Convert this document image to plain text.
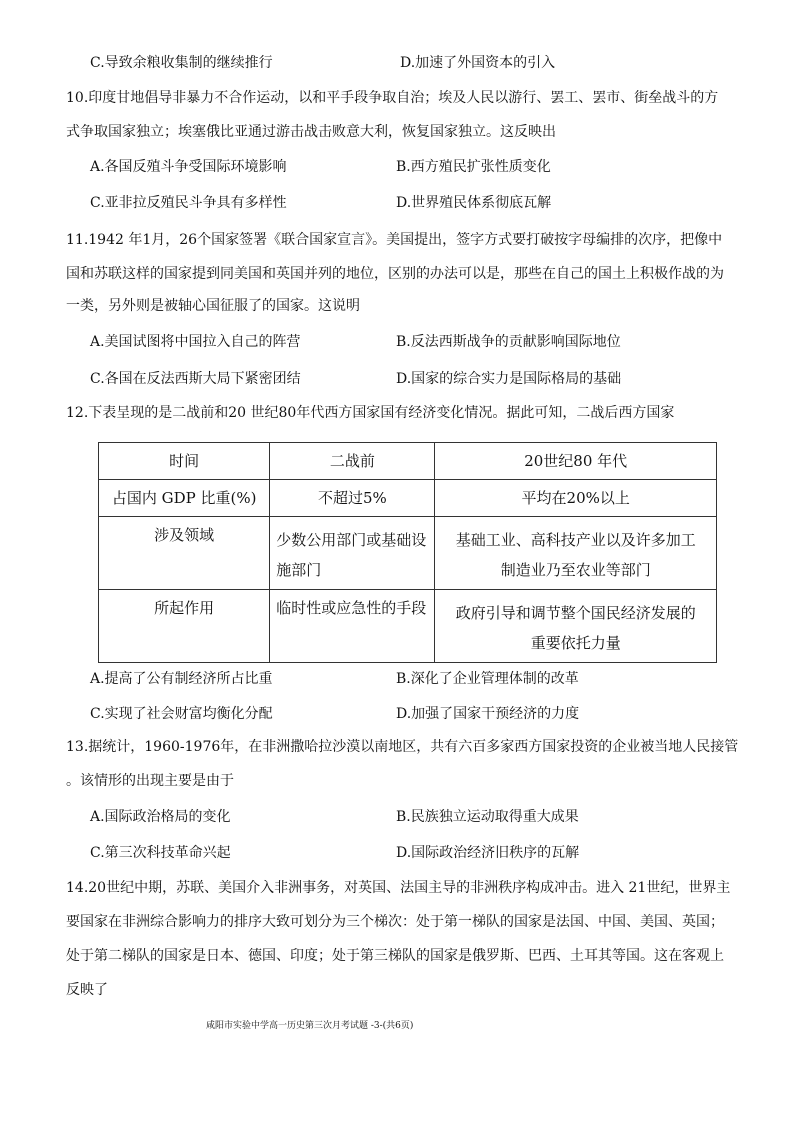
C.导致余粮收集制的继续推行	D.加速了外国资本的引入
10.印度甘地倡导非暴力不合作运动，以和平手段争取自治；埃及人民以游行、罢工、罢市、街垒战斗的方
式争取国家独立；埃塞俄比亚通过游击战击败意大利，恢复国家独立。这反映出
A.各国反殖斗争受国际环境影响	B.西方殖民扩张性质变化
C.亚非拉反殖民斗争具有多样性	D.世界殖民体系彻底瓦解
11.1942 年1月，26个国家签署《联合国家宣言》。美国提出，签字方式要打破按字母编排的次序，把像中
国和苏联这样的国家提到同美国和英国并列的地位，区别的办法可以是，那些在自己的国土上积极作战的为
一类，另外则是被轴心国征服了的国家。这说明
A.美国试图将中国拉入自己的阵营	B.反法西斯战争的贡献影响国际地位
C.各国在反法西斯大局下紧密团结	D.国家的综合实力是国际格局的基础
12.下表呈现的是二战前和20 世纪80年代西方国家国有经济变化情况。据此可知，二战后西方国家
时间	二战前	20世纪80 年代
占国内 GDP 比重(%)	不超过5%	平均在20%以上
涉及领域	少数公用部门或基础设施部门	基础工业、高科技产业以及许多加工制造业乃至农业等部门
所起作用	临时性或应急性的手段	政府引导和调节整个国民经济发展的重要依托力量
A.提高了公有制经济所占比重	B.深化了企业管理体制的改革
C.实现了社会财富均衡化分配	D.加强了国家干预经济的力度
13.据统计，1960-1976年，在非洲撒哈拉沙漠以南地区，共有六百多家西方国家投资的企业被当地人民接管
。该情形的出现主要是由于
A.国际政治格局的变化	B.民族独立运动取得重大成果
C.第三次科技革命兴起	D.国际政治经济旧秩序的瓦解
14.20世纪中期，苏联、美国介入非洲事务，对英国、法国主导的非洲秩序构成冲击。进入 21世纪，世界主
要国家在非洲综合影响力的排序大致可划分为三个梯次：处于第一梯队的国家是法国、中国、美国、英国；
处于第二梯队的国家是日本、德国、印度；处于第三梯队的国家是俄罗斯、巴西、土耳其等国。这在客观上
反映了
咸阳市实验中学高一历史第三次月考试题 -3-(共6页)
